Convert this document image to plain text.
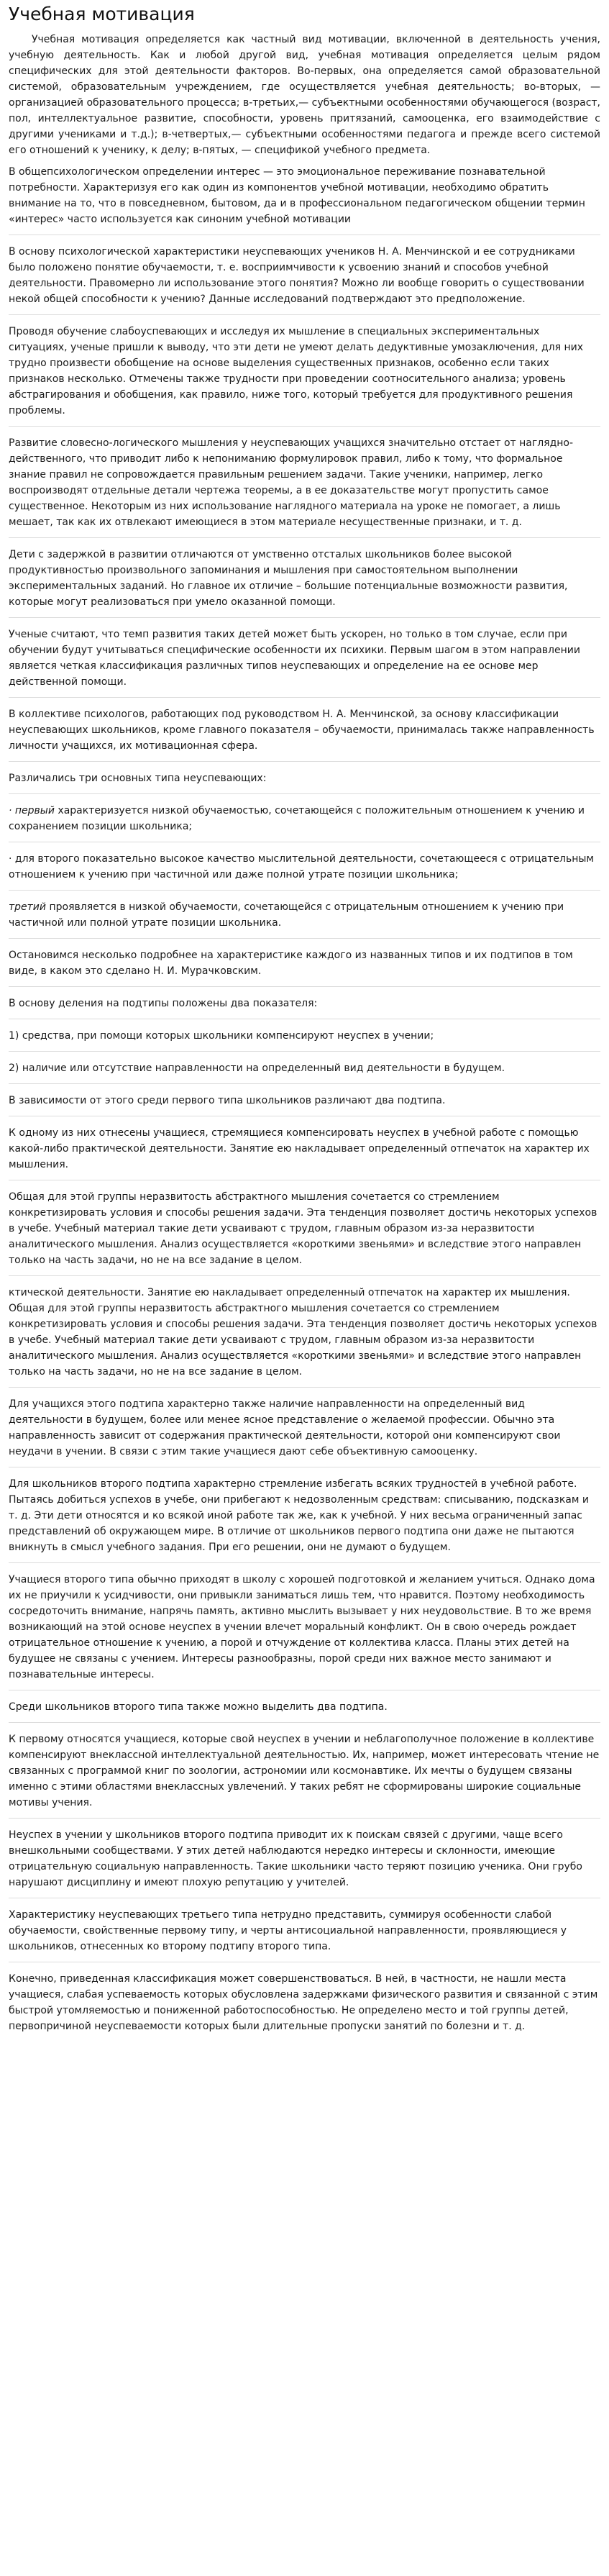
Учебная мотивация

Учебная мотивация определяется как частный вид мотивации, включенной в деятельность учения, учебную деятельность. Как и любой другой вид, учебная мотивация определяется целым рядом специфических для этой деятельности факторов. Во-первых, она определяется самой образовательной системой, образовательным учреждением, где осуществляется учебная деятельность; во-вторых, — организацией образовательного процесса; в-третьих,— субъектными особенностями обучающегося (возраст, пол, интеллектуальное развитие, способности, уровень притязаний, самооценка, его взаимодействие с другими учениками и т.д.); в-четвертых,— субъектными особенностями педагога и прежде всего системой его отношений к ученику, к делу; в-пятых, — спецификой учебного предмета.

В общепсихологическом определении интерес — это эмоциональное переживание познавательной потребности. Характеризуя его как один из компонентов учебной мотивации, необходимо обратить внимание на то, что в повседневном, бытовом, да и в профессиональном педагогическом общении термин «интерес» часто используется как синоним учебной мотивации
В основу психологической характеристики неуспевающих учеников Н. А. Менчинской и ее сотрудниками было положено понятие обучаемости, т. е. восприимчивости к усвоению знаний и способов учебной деятельности. Правомерно ли использование этого понятия? Можно ли вообще говорить о существовании некой общей способности к учению? Данные исследований подтверждают это предположение.
Проводя обучение слабоуспевающих и исследуя их мышление в специальных экспериментальных ситуациях, ученые пришли к выводу, что эти дети не умеют делать дедуктивные умозаключения, для них трудно произвести обобщение на основе выделения существенных признаков, особенно если таких признаков несколько. Отмечены также трудности при проведении соотносительного анализа; уровень абстрагирования и обобщения, как правило, ниже того, который требуется для продуктивного решения проблемы.
Развитие словесно-логического мышления у неуспевающих учащихся значительно отстает от наглядно-действенного, что приводит либо к непониманию формулировок правил, либо к тому, что формальное знание правил не сопровождается правильным решением задачи. Такие ученики, например, легко воспроизводят отдельные детали чертежа теоремы, а в ее доказательстве могут пропустить самое существенное. Некоторым из них использование наглядного материала на уроке не помогает, а лишь мешает, так как их отвлекают имеющиеся в этом материале несущественные признаки, и т. д.
Дети с задержкой в развитии отличаются от умственно отсталых школьников более высокой продуктивностью произвольного запоминания и мышления при самостоятельном выполнении экспериментальных заданий. Но главное их отличие – большие потенциальные возможности развития, которые могут реализоваться при умело оказанной помощи.
Ученые считают, что темп развития таких детей может быть ускорен, но только в том случае, если при обучении будут учитываться специфические особенности их психики. Первым шагом в этом направлении является четкая классификация различных типов неуспевающих и определение на ее основе мер действенной помощи.
В коллективе психологов, работающих под руководством Н. А. Менчинской, за основу классификации неуспевающих школьников, кроме главного показателя – обучаемости, принималась также направленность личности учащихся, их мотивационная сфера.
Различались три основных типа неуспевающих:
· первый характеризуется низкой обучаемостью, сочетающейся с положительным отношением к учению и сохранением позиции школьника;
· для второго показательно высокое качество мыслительной деятельности, сочетающееся с отрицательным отношением к учению при частичной или даже полной утрате позиции школьника;
третий проявляется в низкой обучаемости, сочетающейся с отрицательным отношением к учению при частичной или полной утрате позиции школьника.
Остановимся несколько подробнее на характеристике каждого из названных типов и их подтипов в том виде, в каком это сделано Н. И. Мурачковским.
В основу деления на подтипы положены два показателя:
1) средства, при помощи которых школьники компенсируют неуспех в учении;
2) наличие или отсутствие направленности на определенный вид деятельности в будущем.
В зависимости от этого среди первого типа школьников различают два подтипа.
К одному из них отнесены учащиеся, стремящиеся компенсировать неуспех в учебной работе с помощью какой-либо практической деятельности. Занятие ею накладывает определенный отпечаток на характер их мышления.
Общая для этой группы неразвитость абстрактного мышления сочетается со стремлением конкретизировать условия и способы решения задачи. Эта тенденция позволяет достичь некоторых успехов в учебе. Учебный материал такие дети усваивают с трудом, главным образом из-за неразвитости аналитического мышления. Анализ осуществляется «короткими звеньями» и вследствие этого направлен только на часть задачи, но не на все задание в целом.
ктической деятельности. Занятие ею накладывает определенный отпечаток на характер их мышления. Общая для этой группы неразвитость абстрактного мышления сочетается со стремлением конкретизировать условия и способы решения задачи. Эта тенденция позволяет достичь некоторых успехов в учебе. Учебный материал такие дети усваивают с трудом, главным образом из-за неразвитости аналитического мышления. Анализ осуществляется «короткими звеньями» и вследствие этого направлен только на часть задачи, но не на все задание в целом.
Для учащихся этого подтипа характерно также наличие направленности на определенный вид деятельности в будущем, более или менее ясное представление о желаемой профессии. Обычно эта направленность зависит от содержания практической деятельности, которой они компенсируют свои неудачи в учении. В связи с этим такие учащиеся дают себе объективную самооценку.
Для школьников второго подтипа характерно стремление избегать всяких трудностей в учебной работе. Пытаясь добиться успехов в учебе, они прибегают к недозволенным средствам: списыванию, подсказкам и т. д. Эти дети относятся и ко всякой иной работе так же, как к учебной. У них весьма ограниченный запас представлений об окружающем мире. В отличие от школьников первого подтипа они даже не пытаются вникнуть в смысл учебного задания. При его решении, они не думают о будущем.
Учащиеся второго типа обычно приходят в школу с хорошей подготовкой и желанием учиться. Однако дома их не приучили к усидчивости, они привыкли заниматься лишь тем, что нравится. Поэтому необходимость сосредоточить внимание, напрячь память, активно мыслить вызывает у них неудовольствие. В то же время возникающий на этой основе неуспех в учении влечет моральный конфликт. Он в свою очередь рождает отрицательное отношение к учению, а порой и отчуждение от коллектива класса. Планы этих детей на будущее не связаны с учением. Интересы разнообразны, порой среди них важное место занимают и познавательные интересы.
Среди школьников второго типа также можно выделить два подтипа.
К первому относятся учащиеся, которые свой неуспех в учении и неблагополучное положение в коллективе компенсируют внеклассной интеллектуальной деятельностью. Их, например, может интересовать чтение не связанных с программой книг по зоологии, астрономии или космонавтике. Их мечты о будущем связаны именно с этими областями внеклассных увлечений. У таких ребят не сформированы широкие социальные мотивы учения.
Неуспех в учении у школьников второго подтипа приводит их к поискам связей с другими, чаще всего внешкольными сообществами. У этих детей наблюдаются нередко интересы и склонности, имеющие отрицательную социальную направленность. Такие школьники часто теряют позицию ученика. Они грубо нарушают дисциплину и имеют плохую репутацию у учителей.
Характеристику неуспевающих третьего типа нетрудно представить, суммируя особенности слабой обучаемости, свойственные первому типу, и черты антисоциальной направленности, проявляющиеся у школьников, отнесенных ко второму подтипу второго типа.
Конечно, приведенная классификация может совершенствоваться. В ней, в частности, не нашли места учащиеся, слабая успеваемость которых обусловлена задержками физического развития и связанной с этим быстрой утомляемостью и пониженной работоспособностью. Не определено место и той группы детей, первопричиной неуспеваемости которых были длительные пропуски занятий по болезни и т. д.
